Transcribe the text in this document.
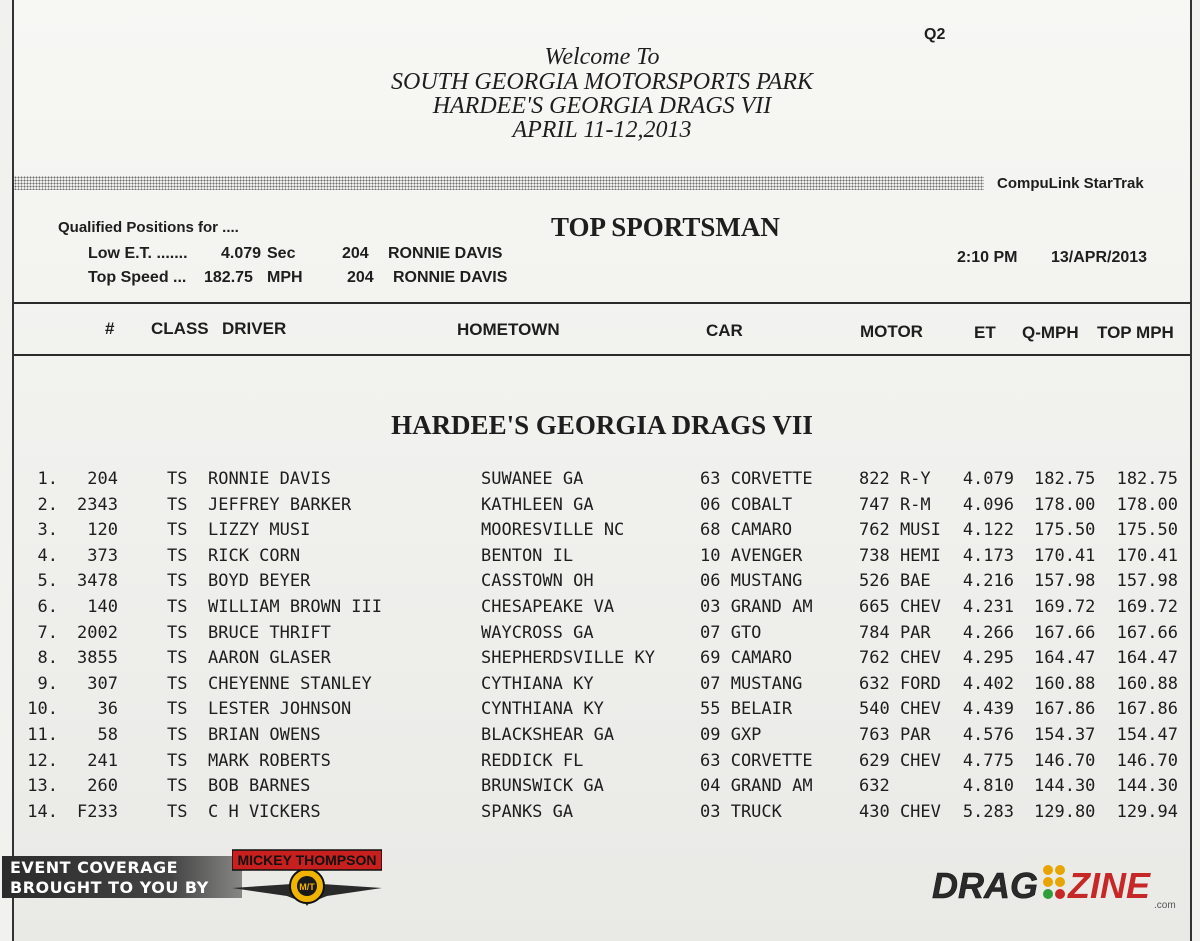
Q2
Welcome To
SOUTH GEORGIA MOTORSPORTS PARK
HARDEE'S GEORGIA DRAGS VII
APRIL 11-12,2013
CompuLink StarTrak
Qualified Positions for ....	TOP SPORTSMAN
Low E.T. ....... 4.079 Sec	204 RONNIE DAVIS
Top Speed ... 182.75 MPH	204 RONNIE DAVIS
2:10 PM 13/APR/2013
# CLASS DRIVER	HOMETOWN	CAR	MOTOR	ET Q-MPH TOP MPH
HARDEE'S GEORGIA DRAGS VII
1.	204	TS	RONNIE DAVIS	SUWANEE GA	63 CORVETTE	822 R-Y	4.079 182.75	182.75
2.	2343	TS	JEFFREY BARKER	KATHLEEN GA	06 COBALT	747 R-M	4.096 178.00	178.00
3.	120	TS	LIZZY MUSI	MOORESVILLE NC	68 CAMARO	762 MUSI	4.122 175.50	175.50
4.	373	TS	RICK CORN	BENTON IL	10 AVENGER	738 HEMI	4.173 170.41	170.41
5.	3478	TS	BOYD BEYER	CASSTOWN OH	06 MUSTANG	526 BAE	4.216 157.98	157.98
6.	140	TS	WILLIAM BROWN III	CHESAPEAKE VA	03 GRAND AM	665 CHEV	4.231 169.72	169.72
7.	2002	TS	BRUCE THRIFT	WAYCROSS GA	07 GTO	784 PAR	4.266 167.66	167.66
8.	3855	TS	AARON GLASER	SHEPHERDSVILLE KY	69 CAMARO	762 CHEV	4.295 164.47	164.47
9.	307	TS	CHEYENNE STANLEY	CYTHIANA KY	07 MUSTANG	632 FORD	4.402 160.88	160.88
10.	36	TS	LESTER JOHNSON	CYNTHIANA KY	55 BELAIR	540 CHEV	4.439 167.86	167.86
11.	58	TS	BRIAN OWENS	BLACKSHEAR GA	09 GXP	763 PAR	4.576 154.37	154.47
12.	241	TS	MARK ROBERTS	REDDICK FL	63 CORVETTE	629 CHEV	4.775 146.70	146.70
13.	260	TS	BOB BARNES	BRUNSWICK GA	04 GRAND AM	632	4.810 144.30	144.30
14.	F233	TS	C H VICKERS	SPANKS GA	03 TRUCK	430 CHEV	5.283 129.80	129.94
EVENT COVERAGE
BROUGHT TO YOU BY	M/T
MICKEY THOMPSON
DRAG ZINE .com
